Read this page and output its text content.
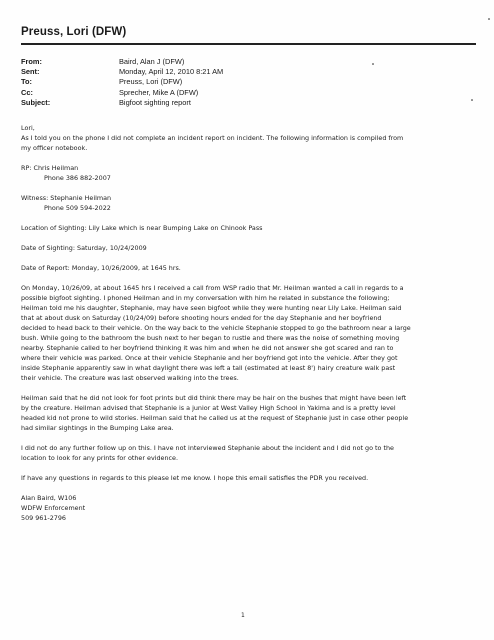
Preuss, Lori (DFW)
From:	Baird, Alan J (DFW)
Sent:	Monday, April 12, 2010 8:21 AM
To:	Preuss, Lori (DFW)
Cc:	Sprecher, Mike A (DFW)
Subject:	Bigfoot sighting report
Lori,
As I told you on the phone I did not complete an incident report on incident. The following information is compiled from
my officer notebook.
RP: Chris Heilman
Phone 386 882-2007
Witness: Stephanie Heilman
Phone 509 594-2022
Location of Sighting: Lily Lake which is near Bumping Lake on Chinook Pass
Date of Sighting: Saturday, 10/24/2009
Date of Report: Monday, 10/26/2009, at 1645 hrs.
On Monday, 10/26/09, at about 1645 hrs I received a call from WSP radio that Mr. Heilman wanted a call in regards to a
possible bigfoot sighting. I phoned Heilman and in my conversation with him he related in substance the following;
Heilman told me his daughter, Stephanie, may have seen bigfoot while they were hunting near Lily Lake. Heilman said
that at about dusk on Saturday (10/24/09) before shooting hours ended for the day Stephanie and her boyfriend
decided to head back to their vehicle. On the way back to the vehicle Stephanie stopped to go the bathroom near a large
bush. While going to the bathroom the bush next to her began to rustle and there was the noise of something moving
nearby. Stephanie called to her boyfriend thinking it was him and when he did not answer she got scared and ran to
where their vehicle was parked. Once at their vehicle Stephanie and her boyfriend got into the vehicle. After they got
inside Stephanie apparently saw in what daylight there was left a tall (estimated at least 8') hairy creature walk past
their vehicle. The creature was last observed walking into the trees.
Heilman said that he did not look for foot prints but did think there may be hair on the bushes that might have been left
by the creature. Heilman advised that Stephanie is a junior at West Valley High School in Yakima and is a pretty level
headed kid not prone to wild stories. Heilman said that he called us at the request of Stephanie just in case other people
had similar sightings in the Bumping Lake area.
I did not do any further follow up on this. I have not interviewed Stephanie about the incident and I did not go to the
location to look for any prints for other evidence.
If have any questions in regards to this please let me know. I hope this email satisfies the PDR you received.
Alan Baird, W106
WDFW Enforcement
509 961-2796
1
